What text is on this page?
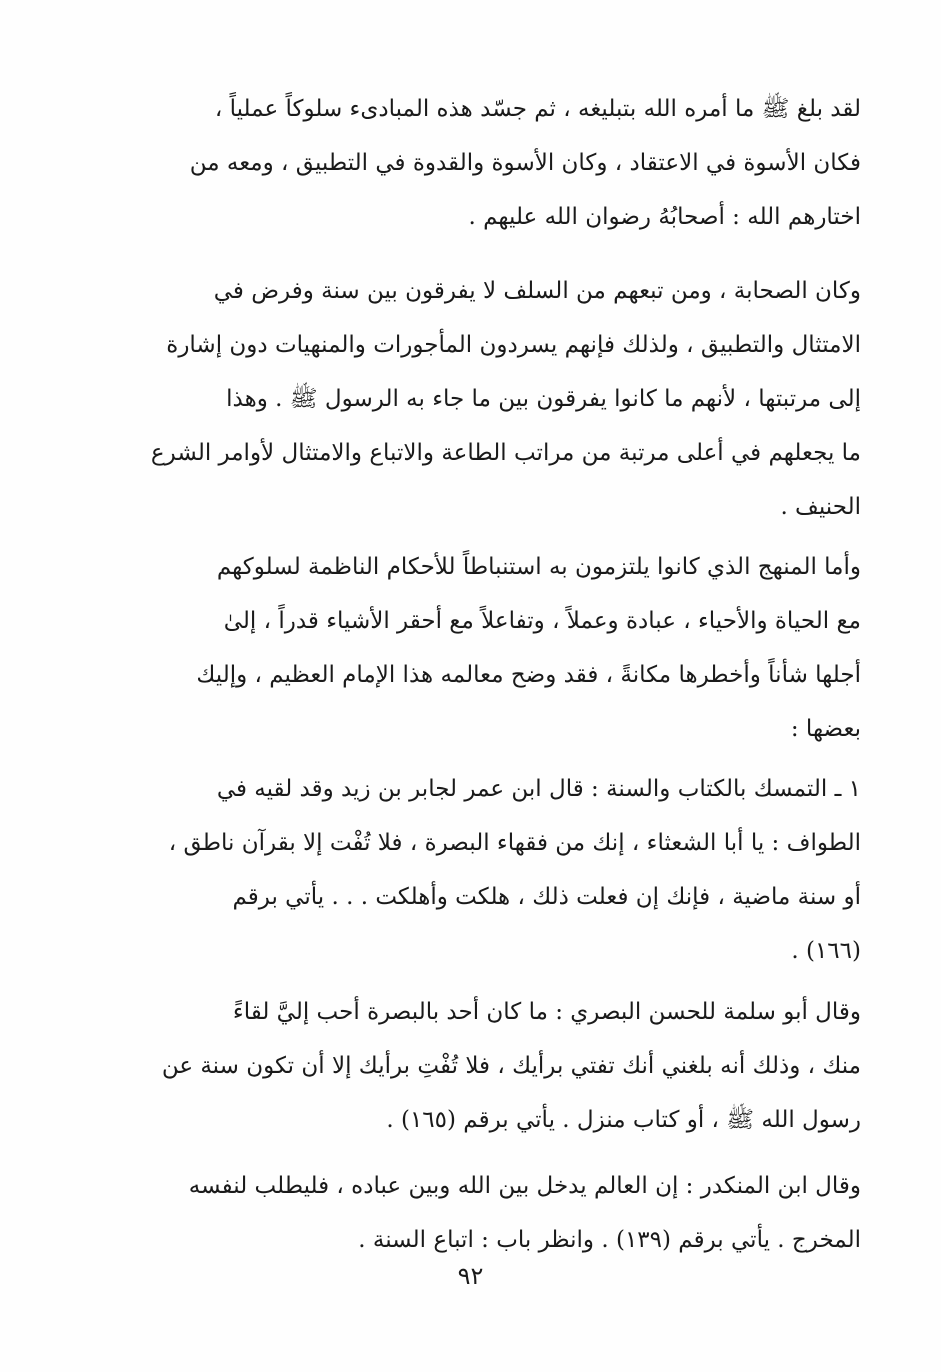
لقد بلغ ﷺ ما أمره الله بتبليغه ، ثم جسّد هذه المبادىء سلوكاً عملياً ،
فكان الأسوة في الاعتقاد ، وكان الأسوة والقدوة في التطبيق ، ومعه من
اختارهم الله : أصحابُهُ رضوان الله عليهم .
وكان الصحابة ، ومن تبعهم من السلف لا يفرقون بين سنة وفرض في
الامتثال والتطبيق ، ولذلك فإنهم يسردون المأجورات والمنهيات دون إشارة
إلى مرتبتها ، لأنهم ما كانوا يفرقون بين ما جاء به الرسول ﷺ . وهذا
ما يجعلهم في أعلى مرتبة من مراتب الطاعة والاتباع والامتثال لأوامر الشرع
الحنيف .
وأما المنهج الذي كانوا يلتزمون به استنباطاً للأحكام الناظمة لسلوكهم
مع الحياة والأحياء ، عبادة وعملاً ، وتفاعلاً مع أحقر الأشياء قدراً ، إلىٰ
أجلها شأناً وأخطرها مكانةً ، فقد وضح معالمه هذا الإمام العظيم ، وإليك
بعضها :
١ ـ التمسك بالكتاب والسنة : قال ابن عمر لجابر بن زيد وقد لقيه في
الطواف : يا أبا الشعثاء ، إنك من فقهاء البصرة ، فلا تُفْت إلا بقرآن ناطق ،
أو سنة ماضية ، فإنك إن فعلت ذلك ، هلكت وأهلكت . . . يأتي برقم
(١٦٦) .
وقال أبو سلمة للحسن البصري : ما كان أحد بالبصرة أحب إليَّ لقاءً
منك ، وذلك أنه بلغني أنك تفتي برأيك ، فلا تُفْتِ برأيك إلا أن تكون سنة عن
رسول الله ﷺ ، أو كتاب منزل . يأتي برقم (١٦٥) .
وقال ابن المنكدر : إن العالم يدخل بين الله وبين عباده ، فليطلب لنفسه
المخرج . يأتي برقم (١٣٩) . وانظر باب : اتباع السنة .
٩٢
